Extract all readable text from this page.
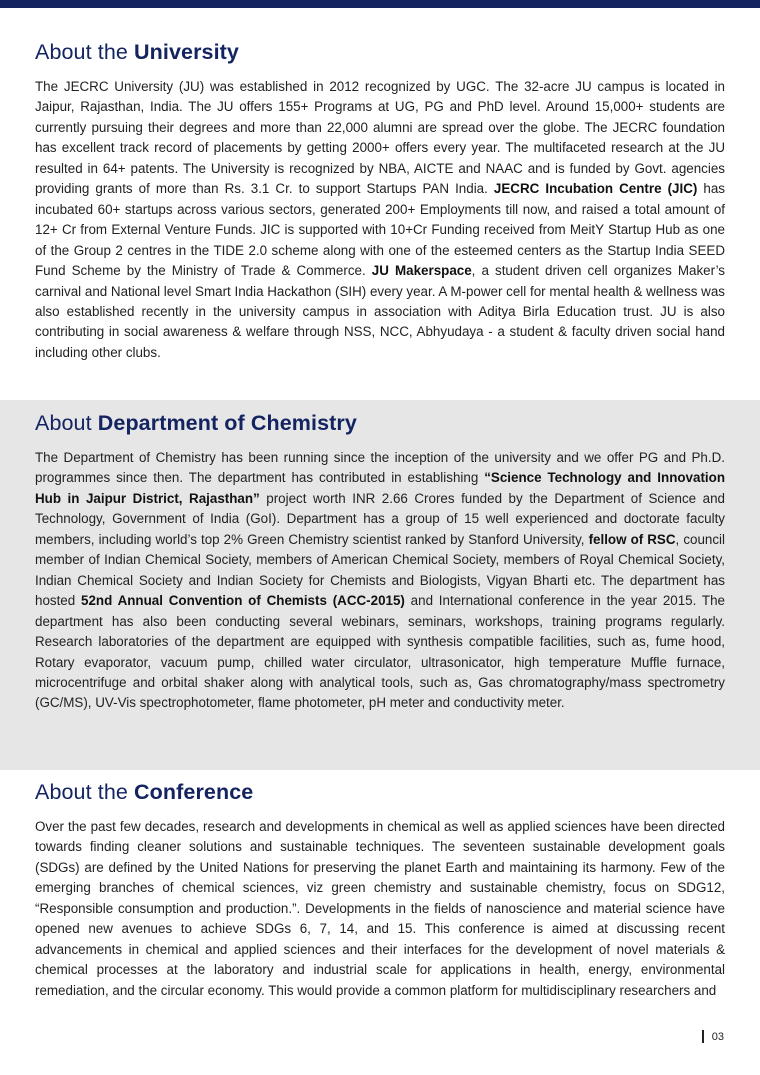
About the University

The JECRC University (JU) was established in 2012 recognized by UGC. The 32-acre JU campus is located in Jaipur, Rajasthan, India. The JU offers 155+ Programs at UG, PG and PhD level. Around 15,000+ students are currently pursuing their degrees and more than 22,000 alumni are spread over the globe. The JECRC foundation has excellent track record of placements by getting 2000+ offers every year. The multifaceted research at the JU resulted in 64+ patents. The University is recognized by NBA, AICTE and NAAC and is funded by Govt. agencies providing grants of more than Rs. 3.1 Cr. to support Startups PAN India. JECRC Incubation Centre (JIC) has incubated 60+ startups across various sectors, generated 200+ Employments till now, and raised a total amount of 12+ Cr from External Venture Funds. JIC is supported with 10+Cr Funding received from MeitY Startup Hub as one of the Group 2 centres in the TIDE 2.0 scheme along with one of the esteemed centers as the Startup India SEED Fund Scheme by the Ministry of Trade & Commerce. JU Makerspace, a student driven cell organizes Maker’s carnival and National level Smart India Hackathon (SIH) every year. A M-power cell for mental health & wellness was also established recently in the university campus in association with Aditya Birla Education trust. JU is also contributing in social awareness & welfare through NSS, NCC, Abhyudaya - a student & faculty driven social hand including other clubs.

About Department of Chemistry

The Department of Chemistry has been running since the inception of the university and we offer PG and Ph.D. programmes since then. The department has contributed in establishing “Science Technology and Innovation Hub in Jaipur District, Rajasthan” project worth INR 2.66 Crores funded by the Department of Science and Technology, Government of India (GoI). Department has a group of 15 well experienced and doctorate faculty members, including world’s top 2% Green Chemistry scientist ranked by Stanford University, fellow of RSC, council member of Indian Chemical Society, members of American Chemical Society, members of Royal Chemical Society, Indian Chemical Society and Indian Society for Chemists and Biologists, Vigyan Bharti etc. The department has hosted 52nd Annual Convention of Chemists (ACC-2015) and International conference in the year 2015. The department has also been conducting several webinars, seminars, workshops, training programs regularly. Research laboratories of the department are equipped with synthesis compatible facilities, such as, fume hood, Rotary evaporator, vacuum pump, chilled water circulator, ultrasonicator, high temperature Muffle furnace, microcentrifuge and orbital shaker along with analytical tools, such as, Gas chromatography/mass spectrometry (GC/MS), UV-Vis spectrophotometer, flame photometer, pH meter and conductivity meter.

About the Conference

Over the past few decades, research and developments in chemical as well as applied sciences have been directed towards finding cleaner solutions and sustainable techniques. The seventeen sustainable development goals (SDGs) are defined by the United Nations for preserving the planet Earth and maintaining its harmony. Few of the emerging branches of chemical sciences, viz green chemistry and sustainable chemistry, focus on SDG12, “Responsible consumption and production.”. Developments in the fields of nanoscience and material science have opened new avenues to achieve SDGs 6, 7, 14, and 15. This conference is aimed at discussing recent advancements in chemical and applied sciences and their interfaces for the development of novel materials & chemical processes at the laboratory and industrial scale for applications in health, energy, environmental remediation, and the circular economy. This would provide a common platform for multidisciplinary researchers and

03
